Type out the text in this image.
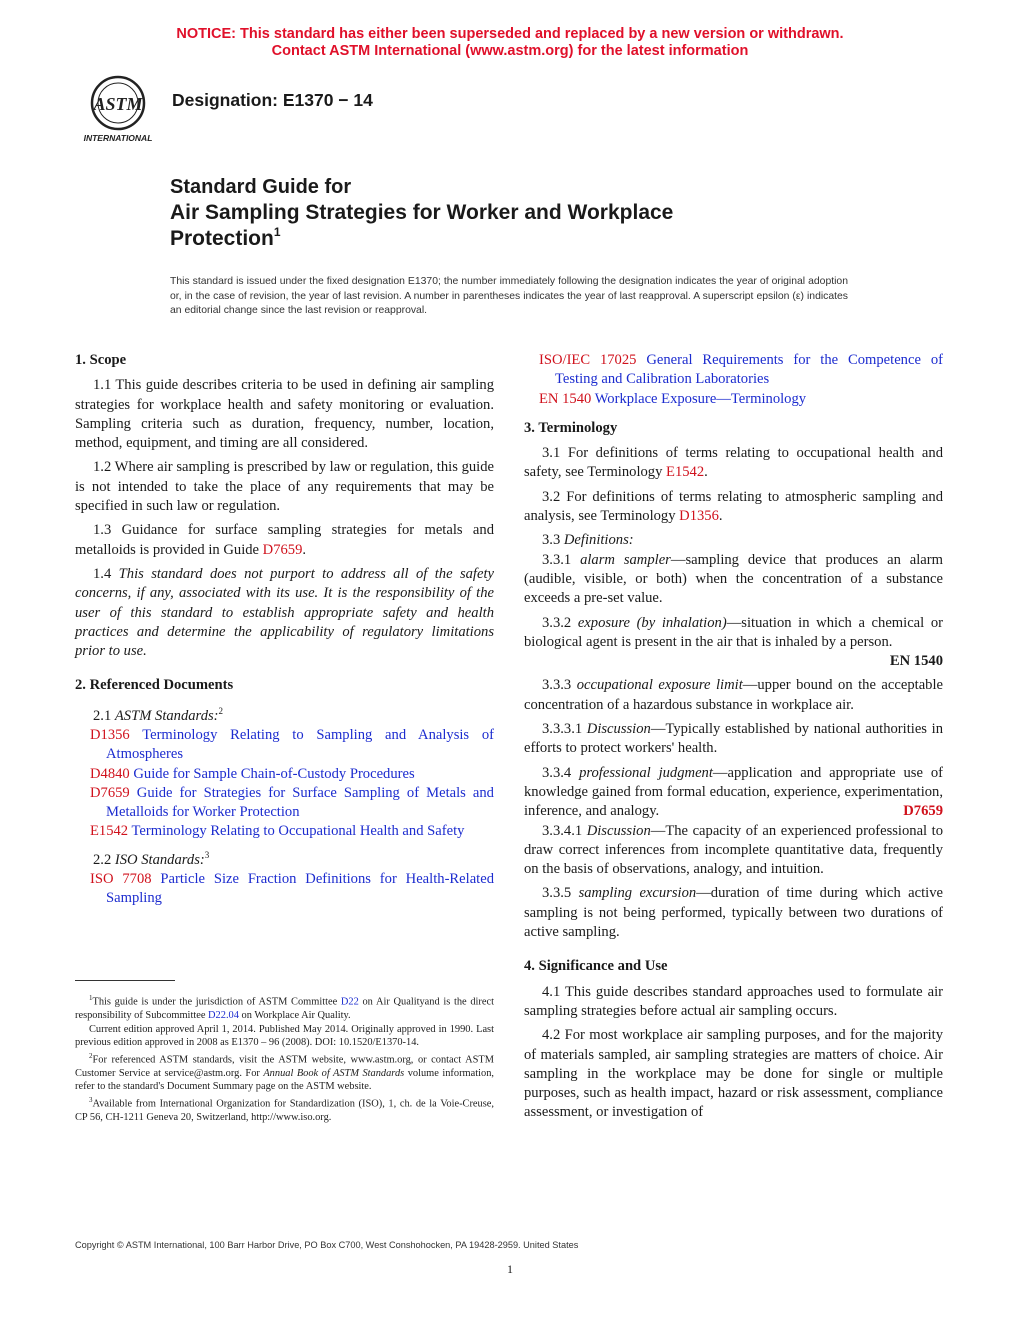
NOTICE: This standard has either been superseded and replaced by a new version or withdrawn.
Contact ASTM International (www.astm.org) for the latest information
ASTM
INTERNATIONAL
Designation: E1370 − 14
Standard Guide for
Air Sampling Strategies for Worker and Workplace
Protection$^1$
This standard is issued under the fixed designation E1370; the number immediately following the designation indicates the year of original adoption or, in the case of revision, the year of last revision. A number in parentheses indicates the year of last reapproval. A superscript epsilon (ε) indicates an editorial change since the last revision or reapproval.
1. Scope

1.1 This guide describes criteria to be used in defining air sampling strategies for workplace health and safety monitoring or evaluation. Sampling criteria such as duration, frequency, number, location, method, equipment, and timing are all considered.

1.2 Where air sampling is prescribed by law or regulation, this guide is not intended to take the place of any requirements that may be specified in such law or regulation.

1.3 Guidance for surface sampling strategies for metals and metalloids is provided in Guide D7659.

1.4 This standard does not purport to address all of the safety concerns, if any, associated with its use. It is the responsibility of the user of this standard to establish appropriate safety and health practices and determine the applicability of regulatory limitations prior to use.

2. Referenced Documents

2.1 ASTM Standards:$^2$

D1356 Terminology Relating to Sampling and Analysis of Atmospheres
D4840 Guide for Sample Chain-of-Custody Procedures
D7659 Guide for Strategies for Surface Sampling of Metals and Metalloids for Worker Protection
E1542 Terminology Relating to Occupational Health and Safety

2.2 ISO Standards:$^3$

ISO 7708 Particle Size Fraction Definitions for Health-Related Sampling

$^1$This guide is under the jurisdiction of ASTM Committee D22 on Air Qualityand is the direct responsibility of Subcommittee D22.04 on Workplace Air Quality.

Current edition approved April 1, 2014. Published May 2014. Originally approved in 1990. Last previous edition approved in 2008 as E1370 – 96 (2008). DOI: 10.1520/E1370-14.

$^2$For referenced ASTM standards, visit the ASTM website, www.astm.org, or contact ASTM Customer Service at service@astm.org. For Annual Book of ASTM Standards volume information, refer to the standard's Document Summary page on the ASTM website.

$^3$Available from International Organization for Standardization (ISO), 1, ch. de la Voie-Creuse, CP 56, CH-1211 Geneva 20, Switzerland, http://www.iso.org.

ISO/IEC 17025 General Requirements for the Competence of Testing and Calibration Laboratories
EN 1540 Workplace Exposure—Terminology
3. Terminology

3.1 For definitions of terms relating to occupational health and safety, see Terminology E1542.

3.2 For definitions of terms relating to atmospheric sampling and analysis, see Terminology D1356.

3.3 Definitions:

3.3.1 alarm sampler—sampling device that produces an alarm (audible, visible, or both) when the concentration of a substance exceeds a pre-set value.

3.3.2 exposure (by inhalation)—situation in which a chemical or biological agent is present in the air that is inhaled by a person.
EN 1540

3.3.3 occupational exposure limit—upper bound on the acceptable concentration of a hazardous substance in workplace air.

3.3.3.1 Discussion—Typically established by national authorities in efforts to protect workers' health.

3.3.4 professional judgment—application and appropriate use of knowledge gained from formal education, experience, experimentation, inference, and analogy.	D7659

3.3.4.1 Discussion—The capacity of an experienced professional to draw correct inferences from incomplete quantitative data, frequently on the basis of observations, analogy, and intuition.

3.3.5 sampling excursion—duration of time during which active sampling is not being performed, typically between two durations of active sampling.

4. Significance and Use

4.1 This guide describes standard approaches used to formulate air sampling strategies before actual air sampling occurs.

4.2 For most workplace air sampling purposes, and for the majority of materials sampled, air sampling strategies are matters of choice. Air sampling in the workplace may be done for single or multiple purposes, such as health impact, hazard or risk assessment, compliance assessment, or investigation of

Copyright © ASTM International, 100 Barr Harbor Drive, PO Box C700, West Conshohocken, PA 19428-2959. United States
1
